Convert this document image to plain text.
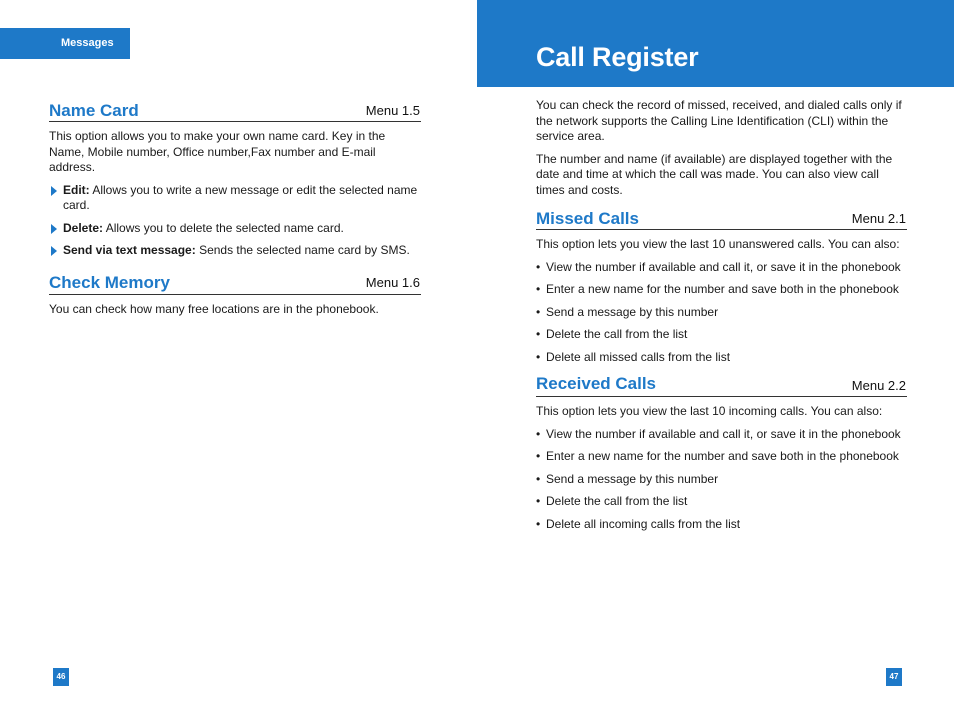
Messages	Call Register
Name Card	Menu 1.5

This option allows you to make your own name card. Key in the Name, Mobile number, Office number,Fax number and E-mail address.

Edit: Allows you to write a new message or edit the selected name card.
Delete: Allows you to delete the selected name card.
Send via text message: Sends the selected name card by SMS.
Check Memory	Menu 1.6

You can check how many free locations are in the phonebook.

You can check the record of missed, received, and dialed calls only if the network supports the Calling Line Identification (CLI) within the service area.

The number and name (if available) are displayed together with the date and time at which the call was made. You can also view call times and costs.

Missed Calls	Menu 2.1

This option lets you view the last 10 unanswered calls. You can also:

• View the number if available and call it, or save it in the phonebook
• Enter a new name for the number and save both in the phonebook
• Send a message by this number
• Delete the call from the list
• Delete all missed calls from the list
Received Calls	Menu 2.2

This option lets you view the last 10 incoming calls. You can also:

• View the number if available and call it, or save it in the phonebook
• Enter a new name for the number and save both in the phonebook
• Send a message by this number
• Delete the call from the list
• Delete all incoming calls from the list
46	47
